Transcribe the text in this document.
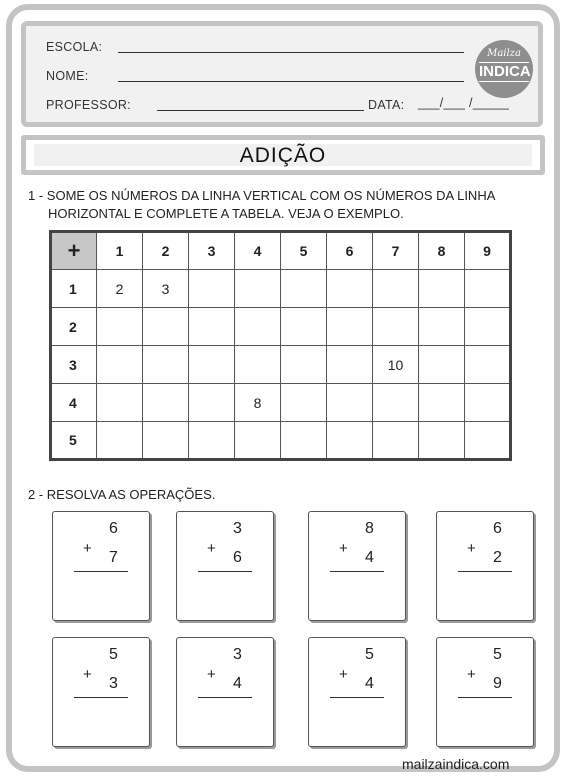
ESCOLA:
NOME:
PROFESSOR:	DATA: ___/___ /_____
Mailza
INDICA
ADIÇÃO
1 - SOME OS NÚMEROS DA LINHA VERTICAL COM OS NÚMEROS DA LINHA
HORIZONTAL E COMPLETE A TABELA. VEJA O EXEMPLO.
+	1	2	3	4	5	6	7	8	9
1	2	3							
2									
3							10		
4				8					
5									
2 - RESOLVA AS OPERAÇÕES.
6
+
7
3
+
6
8
+
4
6
+
2
5
+
3
3
+
4
5
+
4
5
+
9
mailzaindica.com
